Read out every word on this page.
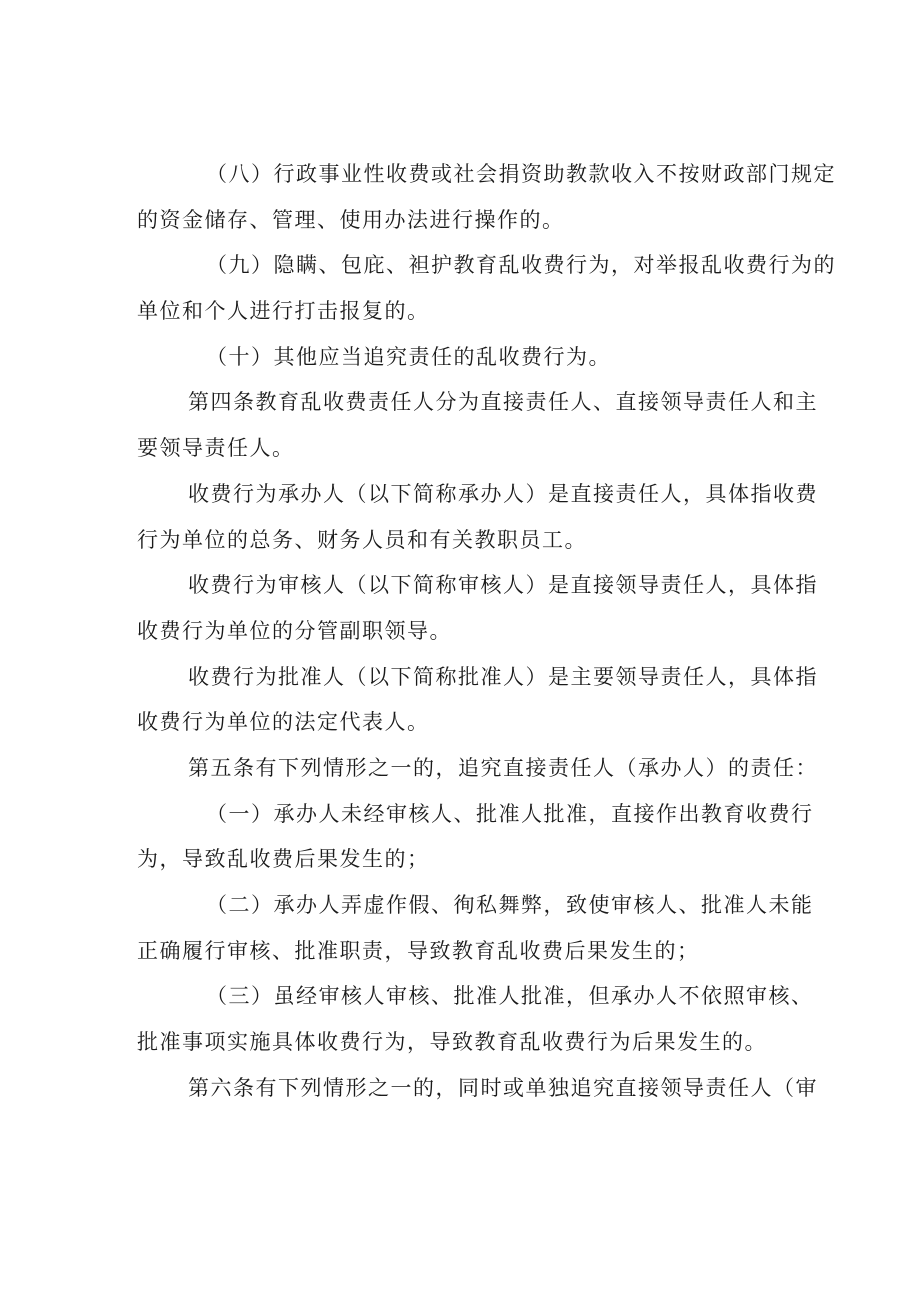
（八）行政事业性收费或社会捐资助教款收入不按财政部门规定
的资金储存、管理、使用办法进行操作的。

（九）隐瞒、包庇、袒护教育乱收费行为，对举报乱收费行为的
单位和个人进行打击报复的。

（十）其他应当追究责任的乱收费行为。

第四条教育乱收费责任人分为直接责任人、直接领导责任人和主
要领导责任人。

收费行为承办人（以下简称承办人）是直接责任人，具体指收费
行为单位的总务、财务人员和有关教职员工。

收费行为审核人（以下简称审核人）是直接领导责任人，具体指
收费行为单位的分管副职领导。

收费行为批准人（以下简称批准人）是主要领导责任人，具体指
收费行为单位的法定代表人。

第五条有下列情形之一的，追究直接责任人（承办人）的责任：

（一）承办人未经审核人、批准人批准，直接作出教育收费行
为，导致乱收费后果发生的；

（二）承办人弄虚作假、徇私舞弊，致使审核人、批准人未能
正确履行审核、批准职责，导致教育乱收费后果发生的；

（三）虽经审核人审核、批准人批准，但承办人不依照审核、
批准事项实施具体收费行为，导致教育乱收费行为后果发生的。

第六条有下列情形之一的，同时或单独追究直接领导责任人（审
